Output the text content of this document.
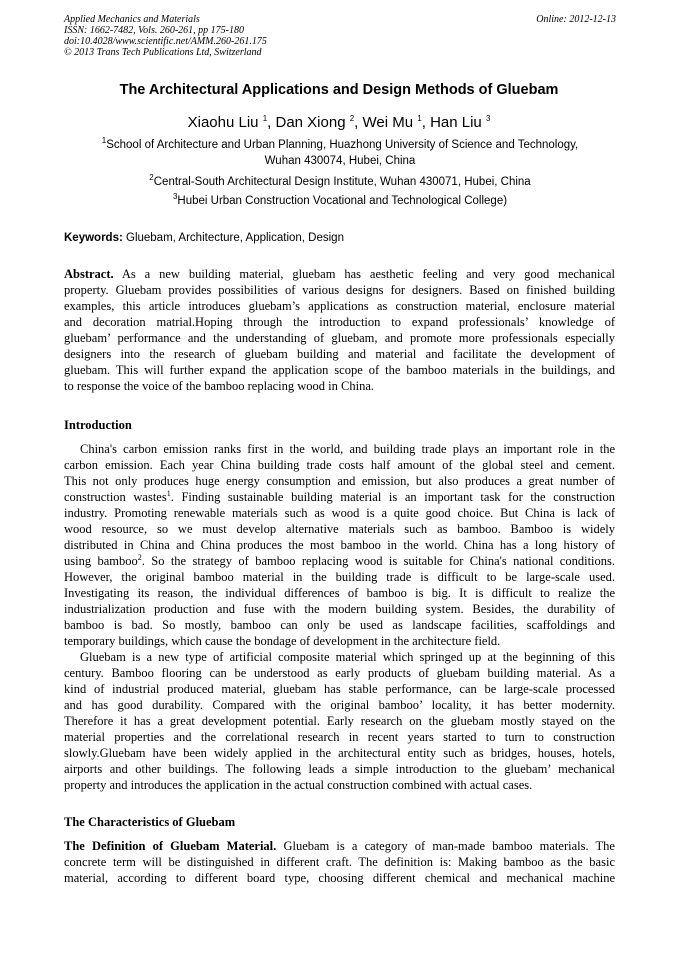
Applied Mechanics and Materials	Online: 2012-12-13
ISSN: 1662-7482, Vols. 260-261, pp 175-180
doi:10.4028/www.scientific.net/AMM.260-261.175
© 2013 Trans Tech Publications Ltd, Switzerland
The Architectural Applications and Design Methods of Gluebam
Xiaohu Liu $^1$, Dan Xiong $^2$, Wei Mu $^1$, Han Liu $^3$
$^1$School of Architecture and Urban Planning, Huazhong University of Science and Technology,
Wuhan 430074, Hubei, China
$^2$Central-South Architectural Design Institute, Wuhan 430071, Hubei, China
$^3$Hubei Urban Construction Vocational and Technological College)
Keywords: Gluebam, Architecture, Application, Design
Abstract. As a new building material, gluebam has aesthetic feeling and very good mechanical
property. Gluebam provides possibilities of various designs for designers. Based on finished building
examples, this article introduces gluebam’s applications as construction material, enclosure material
and decoration matrial.Hoping through the introduction to expand professionals’ knowledge of
gluebam’ performance and the understanding of gluebam, and promote more professionals especially
designers into the research of gluebam building and material and facilitate the development of
gluebam. This will further expand the application scope of the bamboo materials in the buildings, and
to response the voice of the bamboo replacing wood in China.
Introduction
China's carbon emission ranks first in the world, and building trade plays an important role in the
carbon emission. Each year China building trade costs half amount of the global steel and cement.
This not only produces huge energy consumption and emission, but also produces a great number of
construction wastes$^1$. Finding sustainable building material is an important task for the construction
industry. Promoting renewable materials such as wood is a quite good choice. But China is lack of
wood resource, so we must develop alternative materials such as bamboo. Bamboo is widely
distributed in China and China produces the most bamboo in the world. China has a long history of
using bamboo$^2$. So the strategy of bamboo replacing wood is suitable for China's national conditions.
However, the original bamboo material in the building trade is difficult to be large-scale used.
Investigating its reason, the individual differences of bamboo is big. It is difficult to realize the
industrialization production and fuse with the modern building system. Besides, the durability of
bamboo is bad. So mostly, bamboo can only be used as landscape facilities, scaffoldings and
temporary buildings, which cause the bondage of development in the architecture field.
Gluebam is a new type of artificial composite material which springed up at the beginning of this
century. Bamboo flooring can be understood as early products of gluebam building material. As a
kind of industrial produced material, gluebam has stable performance, can be large-scale processed
and has good durability. Compared with the original bamboo’ locality, it has better modernity.
Therefore it has a great development potential. Early research on the gluebam mostly stayed on the
material properties and the correlational research in recent years started to turn to construction
slowly.Gluebam have been widely applied in the architectural entity such as bridges, houses, hotels,
airports and other buildings. The following leads a simple introduction to the gluebam’ mechanical
property and introduces the application in the actual construction combined with actual cases.
The Characteristics of Gluebam
The Definition of Gluebam Material. Gluebam is a category of man-made bamboo materials. The
concrete term will be distinguished in different craft. The definition is: Making bamboo as the basic
material, according to different board type, choosing different chemical and mechanical machine
